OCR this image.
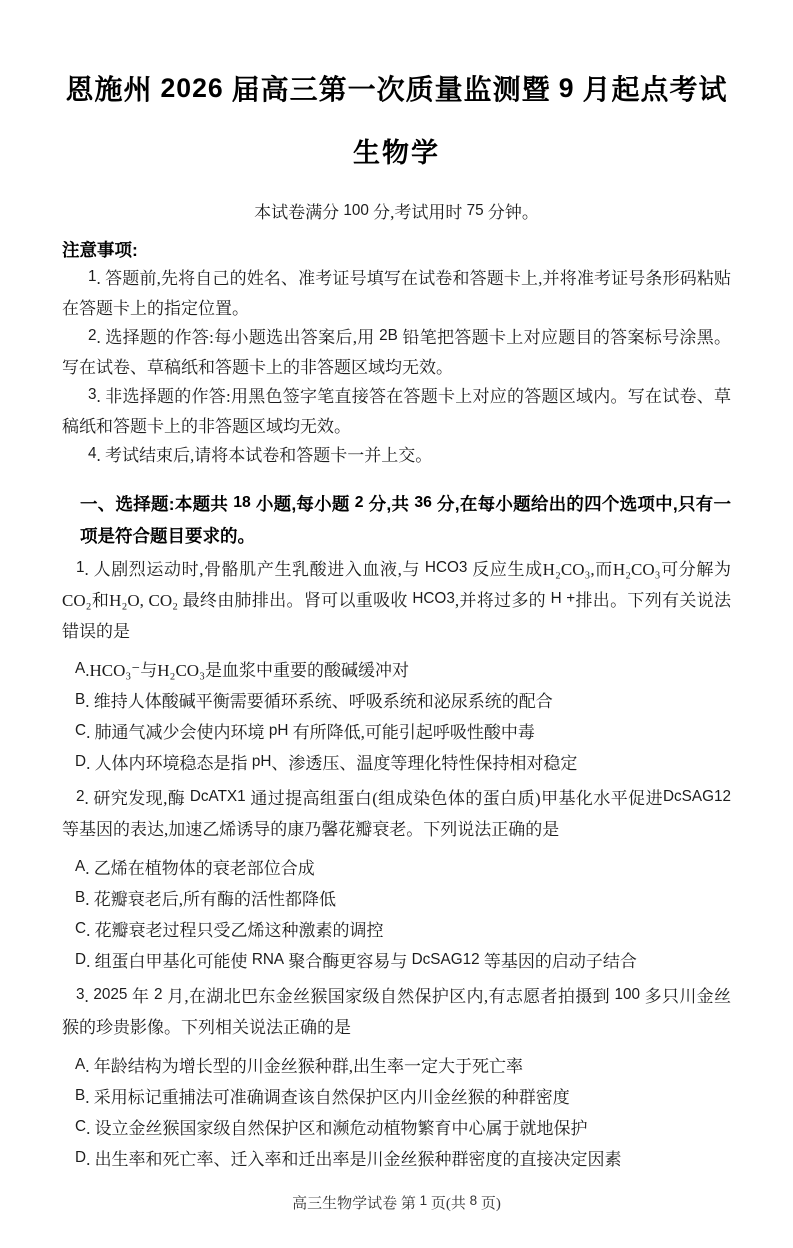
恩施州 2026 届高三第一次质量监测暨 9 月起点考试
生物学

本试卷满分 100 分,考试用时 75 分钟。

注意事项:

1. 答题前,先将自己的姓名、准考证号填写在试卷和答题卡上,并将准考证号条形码粘贴在答题卡上的指定位置。

2. 选择题的作答:每小题选出答案后,用 2B 铅笔把答题卡上对应题目的答案标号涂黑。写在试卷、草稿纸和答题卡上的非答题区域均无效。

3. 非选择题的作答:用黑色签字笔直接答在答题卡上对应的答题区域内。写在试卷、草稿纸和答题卡上的非答题区域均无效。

4. 考试结束后,请将本试卷和答题卡一并上交。

一、选择题:本题共 18 小题,每小题 2 分,共 36 分,在每小题给出的四个选项中,只有一项是符合题目要求的。

1. 人剧烈运动时,骨骼肌产生乳酸进入血液,与 HCO3 反应生成H₂CO₃,而H₂CO₃可分解为CO₂和H₂O, CO₂ 最终由肺排出。肾可以重吸收 HCO3,并将过多的 H +排出。下列有关说法错误的是

A.HCO₃⁻与H₂CO₃是血浆中重要的酸碱缓冲对

B. 维持人体酸碱平衡需要循环系统、呼吸系统和泌尿系统的配合

C. 肺通气减少会使内环境 pH 有所降低,可能引起呼吸性酸中毒

D. 人体内环境稳态是指 pH、渗透压、温度等理化特性保持相对稳定

2. 研究发现,酶 DcATX1 通过提高组蛋白(组成染色体的蛋白质)甲基化水平促进DcSAG12 等基因的表达,加速乙烯诱导的康乃馨花瓣衰老。下列说法正确的是

A. 乙烯在植物体的衰老部位合成

B. 花瓣衰老后,所有酶的活性都降低

C. 花瓣衰老过程只受乙烯这种激素的调控

D. 组蛋白甲基化可能使 RNA 聚合酶更容易与 DcSAG12 等基因的启动子结合

3. 2025 年 2 月,在湖北巴东金丝猴国家级自然保护区内,有志愿者拍摄到 100 多只川金丝猴的珍贵影像。下列相关说法正确的是

A. 年龄结构为增长型的川金丝猴种群,出生率一定大于死亡率

B. 采用标记重捕法可准确调查该自然保护区内川金丝猴的种群密度

C. 设立金丝猴国家级自然保护区和濒危动植物繁育中心属于就地保护

D. 出生率和死亡率、迁入率和迁出率是川金丝猴种群密度的直接决定因素

高三生物学试卷 第 1 页(共 8 页)
